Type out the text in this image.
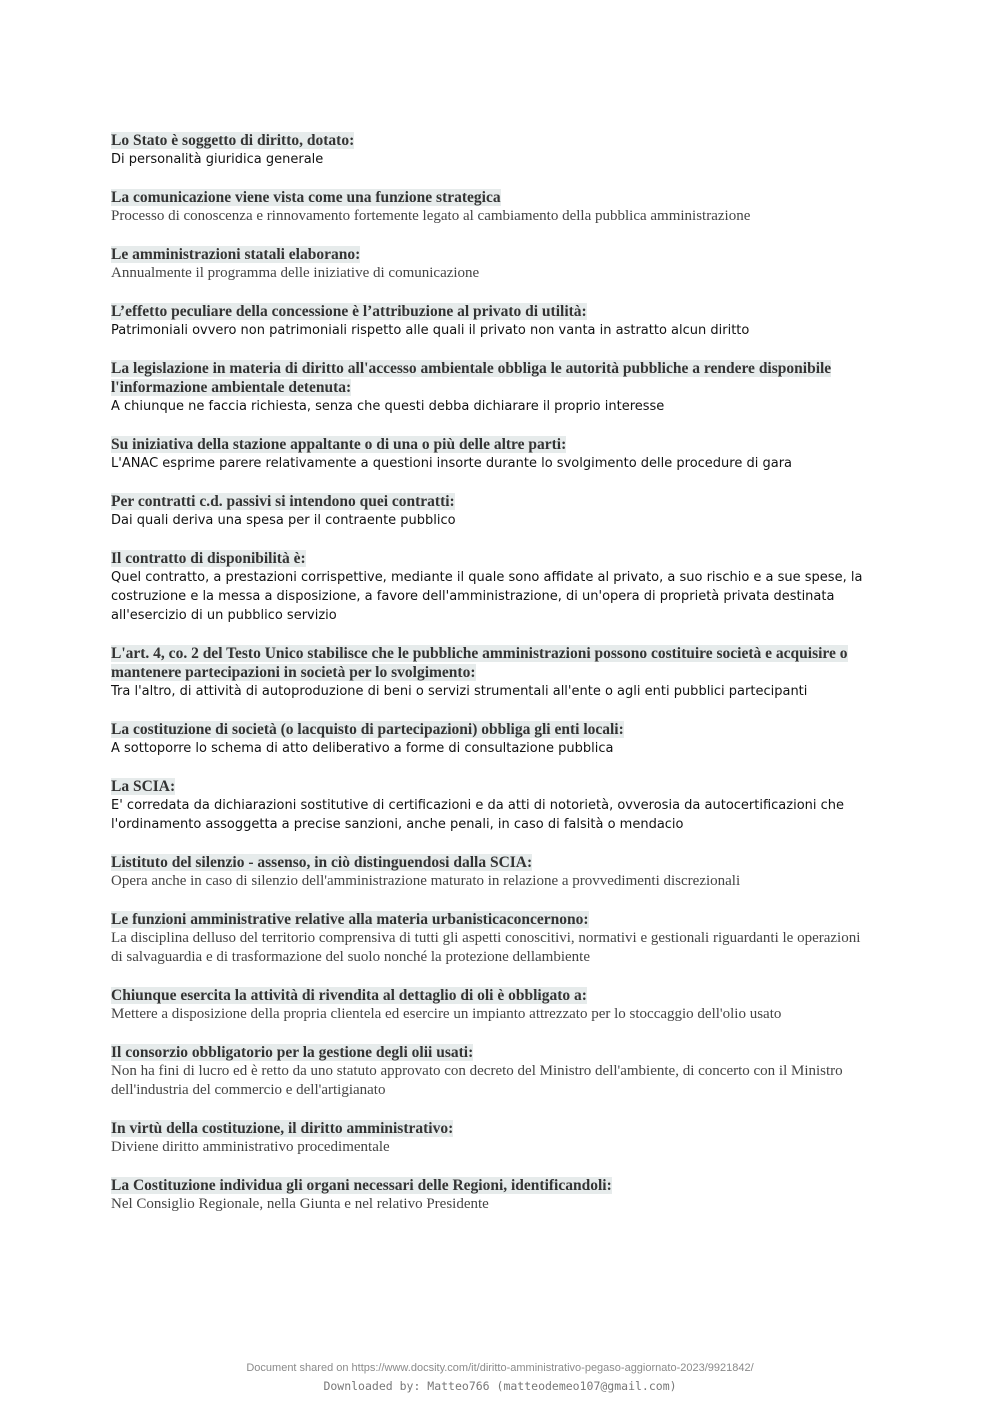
Lo Stato è soggetto di diritto, dotato:
Di personalità giuridica generale
La comunicazione viene vista come una funzione strategica
Processo di conoscenza e rinnovamento fortemente legato al cambiamento della pubblica amministrazione
Le amministrazioni statali elaborano:
Annualmente il programma delle iniziative di comunicazione
L’effetto peculiare della concessione è l’attribuzione al privato di utilità:
Patrimoniali ovvero non patrimoniali rispetto alle quali il privato non vanta in astratto alcun diritto
La legislazione in materia di diritto all'accesso ambientale obbliga le autorità pubbliche a rendere disponibile l'informazione ambientale detenuta:
A chiunque ne faccia richiesta, senza che questi debba dichiarare il proprio interesse
Su iniziativa della stazione appaltante o di una o più delle altre parti:
L'ANAC esprime parere relativamente a questioni insorte durante lo svolgimento delle procedure di gara
Per contratti c.d. passivi si intendono quei contratti:
Dai quali deriva una spesa per il contraente pubblico
Il contratto di disponibilità è:
Quel contratto, a prestazioni corrispettive, mediante il quale sono affidate al privato, a suo rischio e a sue spese, la costruzione e la messa a disposizione, a favore dell'amministrazione, di un'opera di proprietà privata destinata all'esercizio di un pubblico servizio
L'art. 4, co. 2 del Testo Unico stabilisce che le pubbliche amministrazioni possono costituire società e acquisire o mantenere partecipazioni in società per lo svolgimento:
Tra l'altro, di attività di autoproduzione di beni o servizi strumentali all'ente o agli enti pubblici partecipanti
La costituzione di società (o lacquisto di partecipazioni) obbliga gli enti locali:
A sottoporre lo schema di atto deliberativo a forme di consultazione pubblica
La SCIA:
E' corredata da dichiarazioni sostitutive di certificazioni e da atti di notorietà, ovverosia da autocertificazioni che l'ordinamento assoggetta a precise sanzioni, anche penali, in caso di falsità o mendacio
Listituto del silenzio - assenso, in ciò distinguendosi dalla SCIA:
Opera anche in caso di silenzio dell'amministrazione maturato in relazione a provvedimenti discrezionali
Le funzioni amministrative relative alla materia urbanisticaconcernono:
La disciplina delluso del territorio comprensiva di tutti gli aspetti conoscitivi, normativi e gestionali riguardanti le operazioni di salvaguardia e di trasformazione del suolo nonché la protezione dellambiente
Chiunque esercita la attività di rivendita al dettaglio di oli è obbligato a:
Mettere a disposizione della propria clientela ed esercire un impianto attrezzato per lo stoccaggio dell'olio usato
Il consorzio obbligatorio per la gestione degli olii usati:
Non ha fini di lucro ed è retto da uno statuto approvato con decreto del Ministro dell'ambiente, di concerto con il Ministro dell'industria del commercio e dell'artigianato
In virtù della costituzione, il diritto amministrativo:
Diviene diritto amministrativo procedimentale
La Costituzione individua gli organi necessari delle Regioni, identificandoli:
Nel Consiglio Regionale, nella Giunta e nel relativo Presidente
Document shared on https://www.docsity.com/it/diritto-amministrativo-pegaso-aggiornato-2023/9921842/
Downloaded by: Matteo766 (matteodemeo107@gmail.com)
